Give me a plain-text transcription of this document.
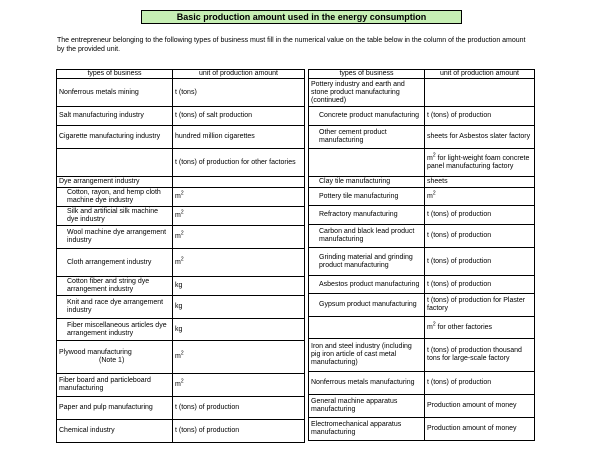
Basic production amount used in the energy consumption
The entrepreneur belonging to the following types of business must fill in the numerical value on the table below in the column of the production amount by the provided unit.
types of business	unit of production amount
Nonferrous metals mining	t (tons)
Salt manufacturing industry	t (tons) of salt production
Cigarette manufacturing industry	hundred million cigarettes
	t (tons) of production for other factories
Dye arrangement industry	
Cotton, rayon, and hemp cloth machine dye industry	$m^2$
Silk and artificial silk machine dye industry	$m^2$
Wool machine dye arrangement industry	$m^2$
Cloth arrangement industry	$m^2$
Cotton fiber and string dye arrangement industry	kg
Knit and race dye arrangement industry	kg
Fiber miscellaneous articles dye arrangement industry	kg
Plywood manufacturing
(Note 1)	$m^2$
Fiber board and particleboard manufacturing	$m^2$
Paper and pulp manufacturing	t (tons) of production
Chemical industry	t (tons) of production
types of business	unit of production amount
Pottery industry and earth and stone product manufacturing (continued)	
Concrete product manufacturing	t (tons) of production
Other cement product manufacturing	sheets for Asbestos slater factory
	$m^2$ for light-weight foam concrete panel manufacturing factory
Clay tile manufacturing	sheets
Pottery tile manufacturing	$m^2$
Refractory manufacturing	t (tons) of production
Carbon and black lead product manufacturing	t (tons) of production
Grinding material and grinding product manufacturing	t (tons) of production
Asbestos product manufacturing	t (tons) of production
Gypsum product manufacturing	t (tons) of production for Plaster factory
	$m^2$ for other factories
Iron and steel industry (including pig iron article of cast metal manufacturing)	t (tons) of production thousand tons for large-scale factory
Nonferrous metals manufacturing	t (tons) of production
General machine apparatus manufacturing	Production amount of money
Electromechanical apparatus manufacturing	Production amount of money
